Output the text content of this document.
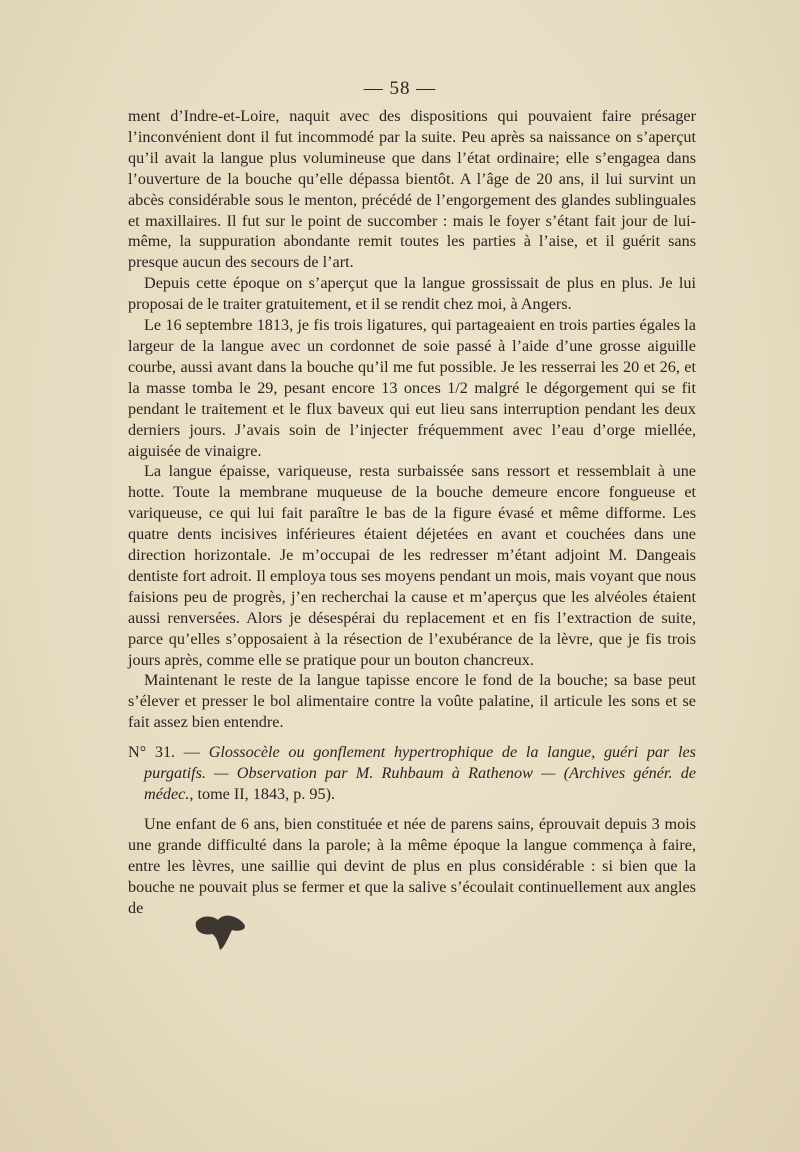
— 58 —

ment d’Indre-et-Loire, naquit avec des dispositions qui pouvaient faire présager l’inconvénient dont il fut incommodé par la suite. Peu après sa naissance on s’aperçut qu’il avait la langue plus volumineuse que dans l’état ordinaire; elle s’engagea dans l’ouverture de la bouche qu’elle dépassa bientôt. A l’âge de 20 ans, il lui survint un abcès considérable sous le menton, précédé de l’engorgement des glandes sublinguales et maxillaires. Il fut sur le point de succomber : mais le foyer s’étant fait jour de lui-même, la suppuration abondante remit toutes les parties à l’aise, et il guérit sans presque aucun des secours de l’art.

Depuis cette époque on s’aperçut que la langue grossissait de plus en plus. Je lui proposai de le traiter gratuitement, et il se rendit chez moi, à Angers.

Le 16 septembre 1813, je fis trois ligatures, qui partageaient en trois parties égales la largeur de la langue avec un cordonnet de soie passé à l’aide d’une grosse aiguille courbe, aussi avant dans la bouche qu’il me fut possible. Je les resserrai les 20 et 26, et la masse tomba le 29, pesant encore 13 onces 1/2 malgré le dégorgement qui se fit pendant le traitement et le flux baveux qui eut lieu sans interruption pendant les deux derniers jours. J’avais soin de l’injecter fréquemment avec l’eau d’orge miellée, aiguisée de vinaigre.

La langue épaisse, variqueuse, resta surbaissée sans ressort et ressemblait à une hotte. Toute la membrane muqueuse de la bouche demeure encore fongueuse et variqueuse, ce qui lui fait paraître le bas de la figure évasé et même difforme. Les quatre dents incisives inférieures étaient déjetées en avant et couchées dans une direction horizontale. Je m’occupai de les redresser m’étant adjoint M. Dangeais dentiste fort adroit. Il employa tous ses moyens pendant un mois, mais voyant que nous faisions peu de progrès, j’en recherchai la cause et m’aperçus que les alvéoles étaient aussi renversées. Alors je désespérai du replacement et en fis l’extraction de suite, parce qu’elles s’opposaient à la résection de l’exubérance de la lèvre, que je fis trois jours après, comme elle se pratique pour un bouton chancreux.

Maintenant le reste de la langue tapisse encore le fond de la bouche; sa base peut s’élever et presser le bol alimentaire contre la voûte palatine, il articule les sons et se fait assez bien entendre.

N° 31. — Glossocèle ou gonflement hypertrophique de la langue, guéri par les purgatifs. — Observation par M. Ruhbaum à Rathenow — (Archives génér. de médec., tome II, 1843, p. 95).

Une enfant de 6 ans, bien constituée et née de parens sains, éprouvait depuis 3 mois une grande difficulté dans la parole; à la même époque la langue commença à faire, entre les lèvres, une saillie qui devint de plus en plus considérable : si bien que la bouche ne pouvait plus se fermer et que la salive s’écoulait continuellement aux angles de
